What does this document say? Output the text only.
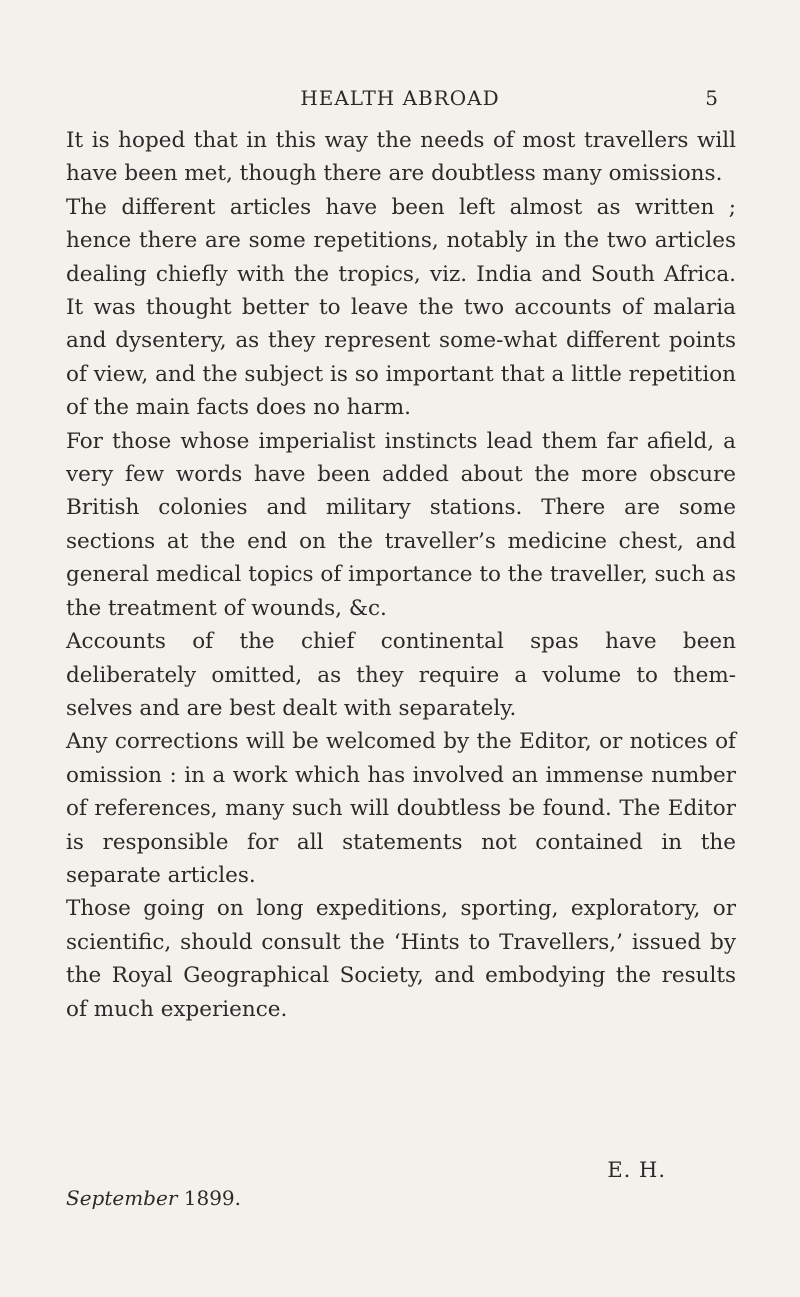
HEALTH ABROAD	5

It is hoped that in this way the needs of most travellers will have been met, though there are doubtless many omissions.

The different articles have been left almost as written ; hence there are some repetitions, notably in the two articles dealing chiefly with the tropics, viz. India and South Africa. It was thought better to leave the two accounts of malaria and dysentery, as they represent some-what different points of view, and the subject is so important that a little repetition of the main facts does no harm.

For those whose imperialist instincts lead them far afield, a very few words have been added about the more obscure British colonies and military stations. There are some sections at the end on the traveller’s medicine chest, and general medical topics of importance to the traveller, such as the treatment of wounds, &c.

Accounts of the chief continental spas have been deliberately omitted, as they require a volume to them-selves and are best dealt with separately.

Any corrections will be welcomed by the Editor, or notices of omission : in a work which has involved an immense number of references, many such will doubtless be found. The Editor is responsible for all statements not contained in the separate articles.

Those going on long expeditions, sporting, exploratory, or scientific, should consult the ‘Hints to Travellers,’ issued by the Royal Geographical Society, and embodying the results of much experience.

E. H.
September 1899.
